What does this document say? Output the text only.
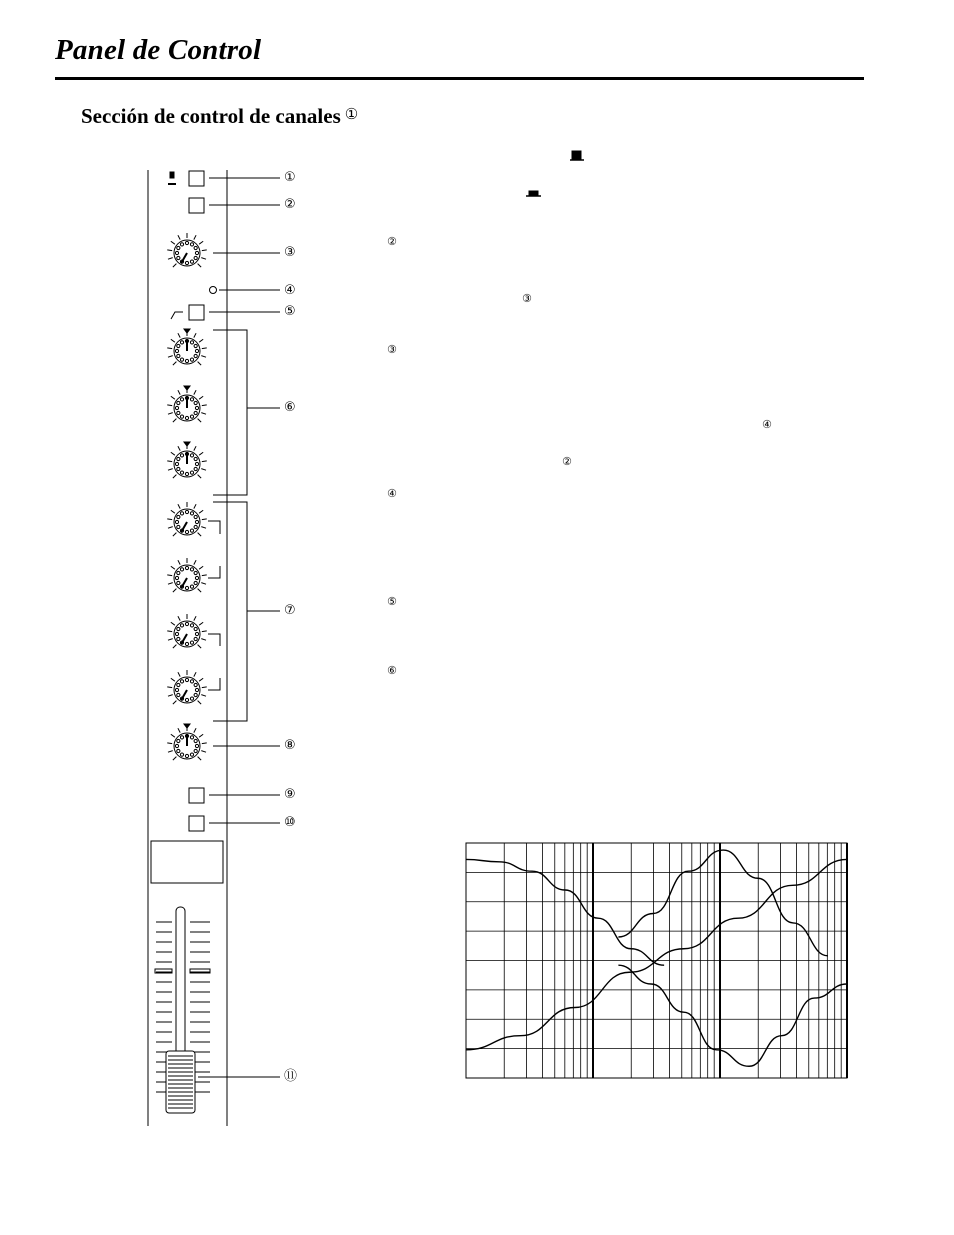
Panel de Control
Sección de control de canales ①
①
②
③
④
⑤
⑥
⑦
⑧
⑨
⑩
⑪
②
③
③
④
②
④
⑤
⑥
